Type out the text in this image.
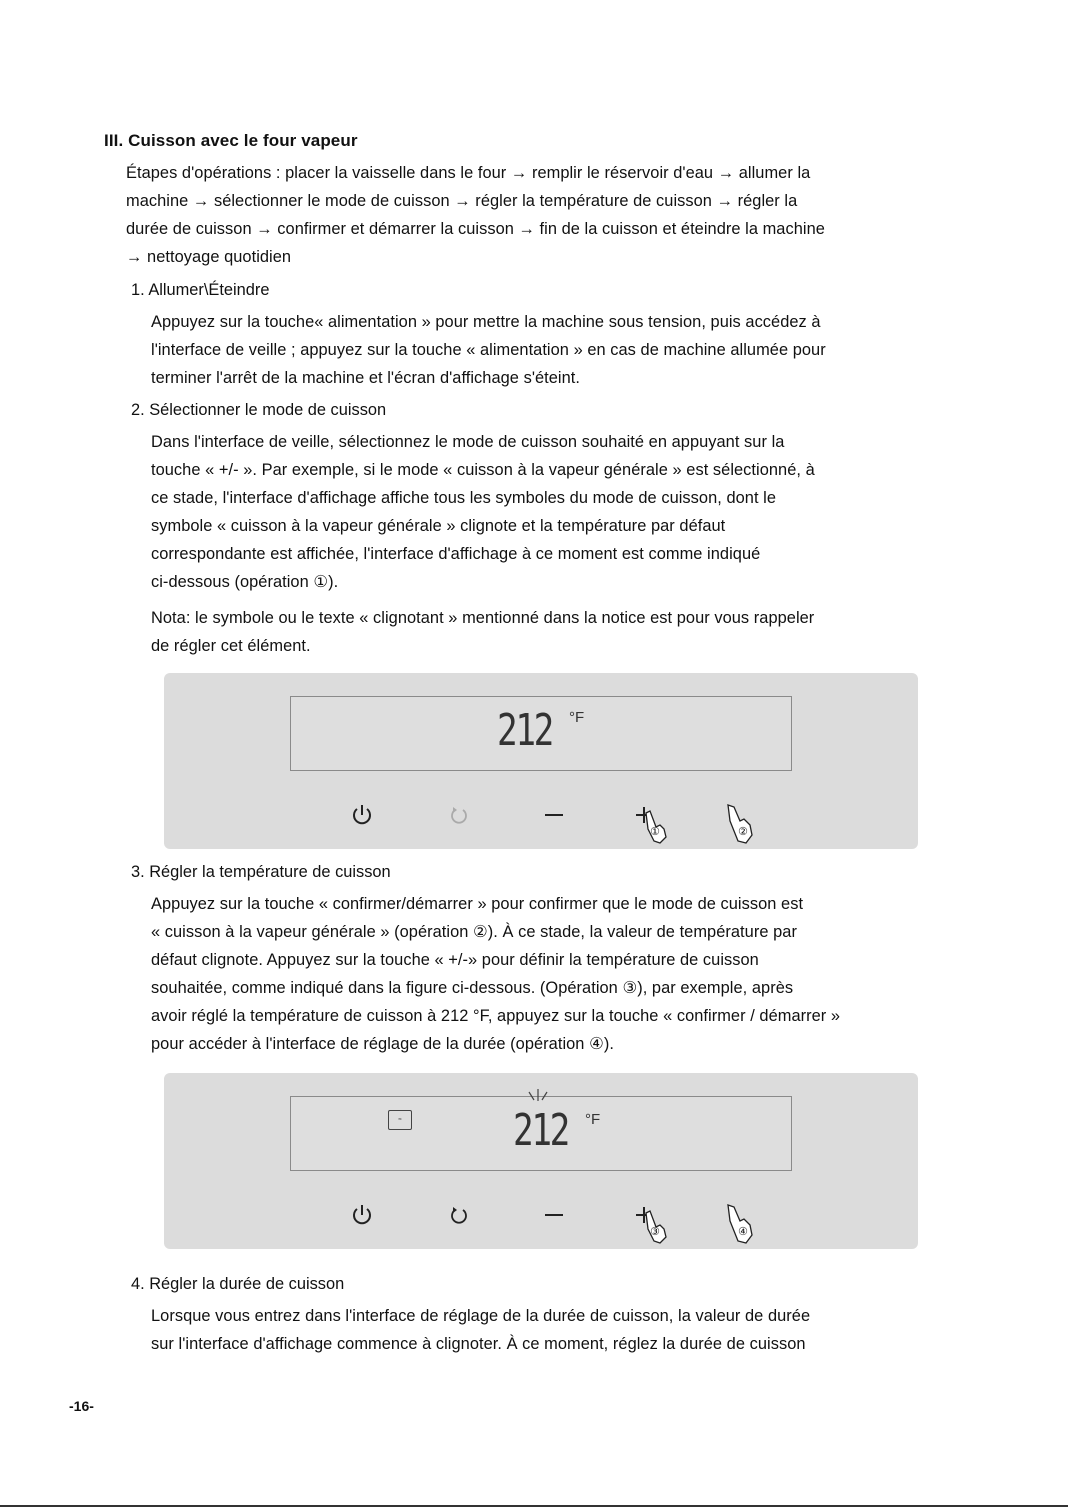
III. Cuisson avec le four vapeur

Étapes d'opérations : placer la vaisselle dans le four → remplir le réservoir d'eau → allumer la
machine → sélectionner le mode de cuisson → régler la température de cuisson → régler la
durée de cuisson → confirmer et démarrer la cuisson → fin de la cuisson et éteindre la machine
→ nettoyage quotidien

1. Allumer\Éteindre

Appuyez sur la touche« alimentation » pour mettre la machine sous tension, puis accédez à
l'interface de veille ; appuyez sur la touche « alimentation » en cas de machine allumée pour
terminer l'arrêt de la machine et l'écran d'affichage s'éteint.

2. Sélectionner le mode de cuisson

Dans l'interface de veille, sélectionnez le mode de cuisson souhaité en appuyant sur la
touche « +/- ». Par exemple, si le mode « cuisson à la vapeur générale » est sélectionné, à
ce stade, l'interface d'affichage affiche tous les symboles du mode de cuisson, dont le
symbole « cuisson à la vapeur générale » clignote et la température par défaut
correspondante est affichée, l'interface d'affichage à ce moment est comme indiqué
ci-dessous (opération ①).

Nota: le symbole ou le texte « clignotant » mentionné dans la notice est pour vous rappeler
de régler cet élément.

212 °F
①	②
3. Régler la température de cuisson

Appuyez sur la touche « confirmer/démarrer » pour confirmer que le mode de cuisson est
« cuisson à la vapeur générale » (opération ②). À ce stade, la valeur de température par
défaut clignote. Appuyez sur la touche « +/-» pour définir la température de cuisson
souhaitée, comme indiqué dans la figure ci-dessous. (Opération ③), par exemple, après
avoir réglé la température de cuisson à 212 °F, appuyez sur la touche « confirmer / démarrer »
pour accéder à l'interface de réglage de la durée (opération ④).

≈	212 °F
③	④
4. Régler la durée de cuisson

Lorsque vous entrez dans l'interface de réglage de la durée de cuisson, la valeur de durée
sur l'interface d'affichage commence à clignoter. À ce moment, réglez la durée de cuisson

-16-
